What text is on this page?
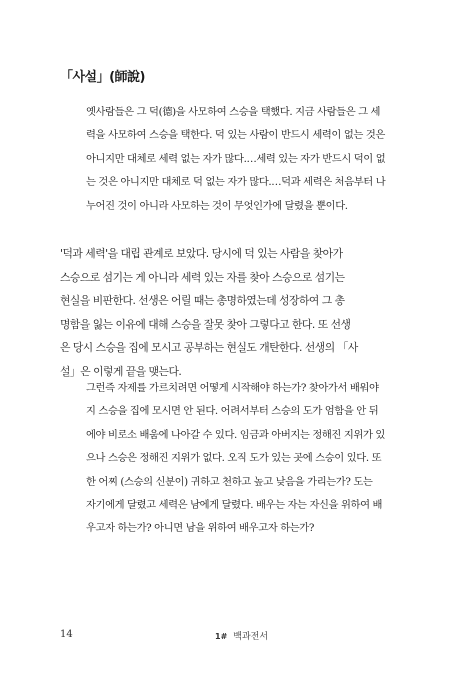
「사설」(師說)
옛사람들은 그 덕(德)을 사모하여 스승을 택했다. 지금 사람들은 그 세
력을 사모하여 스승을 택한다. 덕 있는 사람이 반드시 세력이 없는 것은
아니지만 대체로 세력 없는 자가 많다.…세력 있는 자가 반드시 덕이 없
는 것은 아니지만 대체로 덕 없는 자가 많다.…덕과 세력은 처음부터 나
누어진 것이 아니라 사모하는 것이 무엇인가에 달렸을 뿐이다.
'덕과 세력'을 대립 관계로 보았다. 당시에 덕 있는 사람을 찾아가
스승으로 섬기는 게 아니라 세력 있는 자를 찾아 스승으로 섬기는
현실을 비판한다. 선생은 어릴 때는 총명하였는데 성장하여 그 총
명함을 잃는 이유에 대해 스승을 잘못 찾아 그렇다고 한다. 또 선생
은 당시 스승을 집에 모시고 공부하는 현실도 개탄한다. 선생의 「사
설」은 이렇게 끝을 맺는다.
그런즉 자제를 가르치려면 어떻게 시작해야 하는가? 찾아가서 배워야
지 스승을 집에 모시면 안 된다. 어려서부터 스승의 도가 엄함을 안 뒤
에야 비로소 배움에 나아갈 수 있다. 임금과 아버지는 정해진 지위가 있
으나 스승은 정해진 지위가 없다. 오직 도가 있는 곳에 스승이 있다. 또
한 어찌 (스승의 신분이) 귀하고 천하고 높고 낮음을 가리는가? 도는
자기에게 달렸고 세력은 남에게 달렸다. 배우는 자는 자신을 위하여 배
우고자 하는가? 아니면 남을 위하여 배우고자 하는가?
14	1# 백과전서
